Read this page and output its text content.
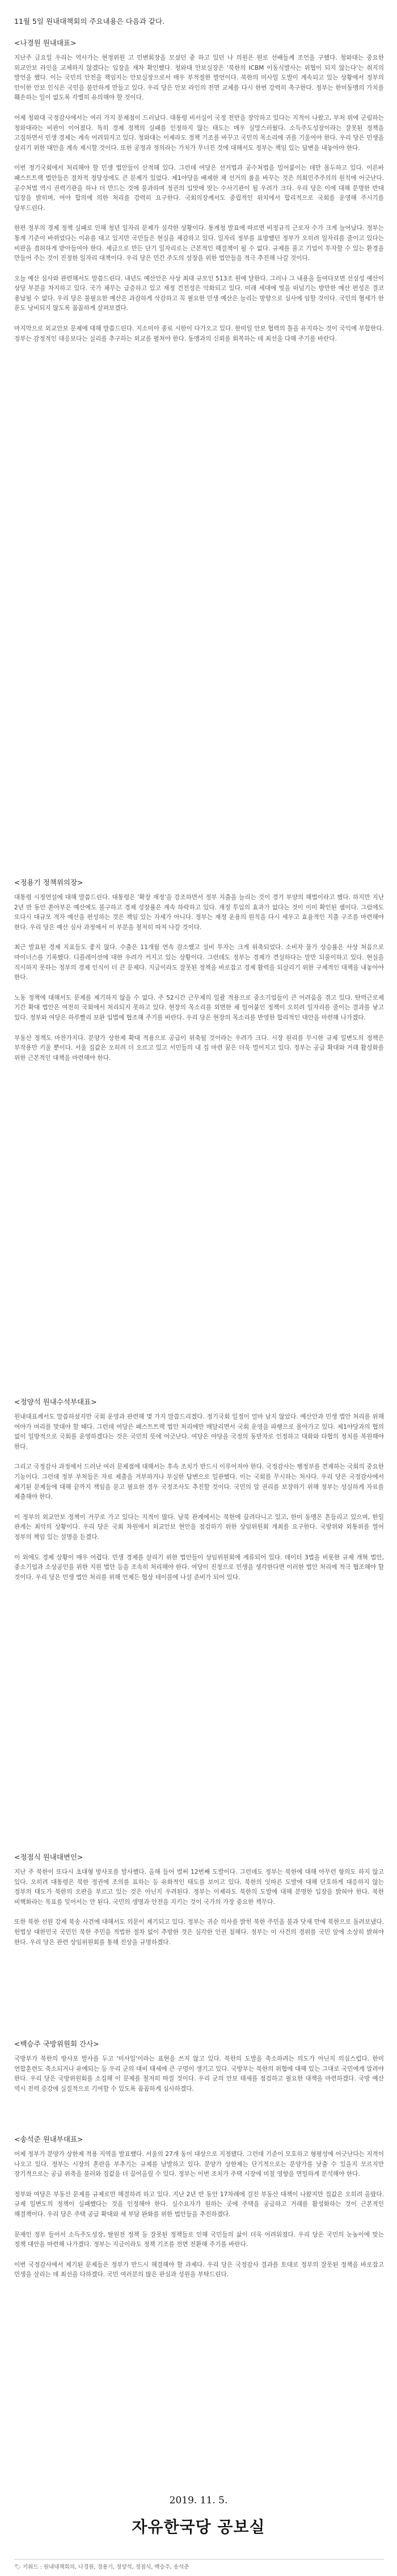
11월 5일 원내대책회의 주요내용은 다음과 같다.
<나경원 원내대표>

지난주 금요일 우리는 역사가는 현정위원 고 민변회장을 모셨던 중 하고 있던 나 의원은 원로 선배들께 조언을 구했다. 청와대는 중요한 외교안보 라인을 교체하지 않겠다는 입장을 재차 확인했다. 청와대 안보실장은 '북한의 ICBM 이동식발사는 위협이 되지 않는다'는 취지의 발언을 했다. 이는 국민의 안전을 책임지는 안보실장으로서 매우 부적절한 발언이다. 북한의 미사일 도발이 계속되고 있는 상황에서 정부의 안이한 안보 인식은 국민을 불안하게 만들고 있다. 우리 당은 안보 라인의 전면 교체를 다시 한번 강력히 촉구한다. 정부는 한미동맹의 가치를 훼손하는 일이 없도록 각별히 유의해야 할 것이다.

어제 청와대 국정감사에서는 여러 가지 문제점이 드러났다. 대통령 비서실이 국정 전반을 장악하고 있다는 지적이 나왔고, 부처 위에 군림하는 청와대라는 비판이 이어졌다. 특히 경제 정책의 실패를 인정하지 않는 태도는 매우 실망스러웠다. 소득주도성장이라는 잘못된 정책을 고집하면서 민생 경제는 계속 어려워지고 있다. 청와대는 이제라도 정책 기조를 바꾸고 국민의 목소리에 귀를 기울여야 한다. 우리 당은 민생을 살리기 위한 대안을 계속 제시할 것이다. 또한 공정과 정의라는 가치가 무너진 것에 대해서도 정부는 책임 있는 답변을 내놓아야 한다.

이번 정기국회에서 처리해야 할 민생 법안들이 산적해 있다. 그런데 여당은 선거법과 공수처법을 밀어붙이는 데만 몰두하고 있다. 이른바 패스트트랙 법안들은 절차적 정당성에도 큰 문제가 있었다. 제1야당을 배제한 채 선거의 룰을 바꾸는 것은 의회민주주의의 원칙에 어긋난다. 공수처법 역시 권력기관을 하나 더 만드는 것에 불과하며 정권의 입맛에 맞는 수사기관이 될 우려가 크다. 우리 당은 이에 대해 분명한 반대 입장을 밝히며, 여야 합의에 의한 처리를 강력히 요구한다. 국회의장께서도 중립적인 위치에서 합리적으로 국회를 운영해 주시기를 당부드린다.

한편 정부의 경제 정책 실패로 인해 청년 일자리 문제가 심각한 상황이다. 통계청 발표에 따르면 비정규직 근로자 수가 크게 늘어났다. 정부는 통계 기준이 바뀌었다는 이유를 대고 있지만 국민들은 현실을 체감하고 있다. 일자리 정부를 표방했던 정부가 오히려 일자리를 줄이고 있다는 비판을 겸허하게 받아들여야 한다. 세금으로 만든 단기 일자리로는 근본적인 해결책이 될 수 없다. 규제를 풀고 기업이 투자할 수 있는 환경을 만들어 주는 것이 진정한 일자리 대책이다. 우리 당은 민간 주도의 성장을 위한 법안들을 적극 추진해 나갈 것이다.

오늘 예산 심사와 관련해서도 말씀드린다. 내년도 예산안은 사상 최대 규모인 513조 원에 달한다. 그러나 그 내용을 들여다보면 선심성 예산이 상당 부분을 차지하고 있다. 국가 채무는 급증하고 있고 재정 건전성은 악화되고 있다. 미래 세대에 빚을 떠넘기는 방만한 예산 편성은 결코 용납될 수 없다. 우리 당은 불필요한 예산은 과감하게 삭감하고 꼭 필요한 민생 예산은 늘리는 방향으로 심사에 임할 것이다. 국민의 혈세가 한 푼도 낭비되지 않도록 꼼꼼하게 살펴보겠다.

마지막으로 외교안보 문제에 대해 말씀드린다. 지소미아 종료 시한이 다가오고 있다. 한미일 안보 협력의 틀을 유지하는 것이 국익에 부합한다. 정부는 감정적인 대응보다는 실리를 추구하는 외교를 펼쳐야 한다. 동맹과의 신뢰를 회복하는 데 최선을 다해 주기를 바란다.

<정용기 정책위의장>

대통령 시정연설에 대해 말씀드린다. 대통령은 '확장 재정'을 강조하면서 정부 지출을 늘리는 것이 경기 부양의 해법이라고 했다. 하지만 지난 2년 반 동안 쏟아부은 예산에도 불구하고 경제 성장률은 계속 하락하고 있다. 재정 투입의 효과가 없다는 것이 이미 확인된 셈이다. 그럼에도 또다시 대규모 적자 예산을 편성하는 것은 책임 있는 자세가 아니다. 정부는 재정 운용의 원칙을 다시 세우고 효율적인 지출 구조를 마련해야 한다. 우리 당은 예산 심사 과정에서 이 부분을 철저히 따져 나갈 것이다.

최근 발표된 경제 지표들도 좋지 않다. 수출은 11개월 연속 감소했고 설비 투자는 크게 위축되었다. 소비자 물가 상승률은 사상 처음으로 마이너스를 기록했다. 디플레이션에 대한 우려가 커지고 있는 상황이다. 그런데도 정부는 경제가 견실하다는 말만 되풀이하고 있다. 현실을 직시하지 못하는 정부의 경제 인식이 더 큰 문제다. 지금이라도 잘못된 정책을 바로잡고 경제 활력을 되살리기 위한 구체적인 대책을 내놓아야 한다.

노동 정책에 대해서도 문제를 제기하지 않을 수 없다. 주 52시간 근무제의 일괄 적용으로 중소기업들이 큰 어려움을 겪고 있다. 탄력근로제 기간 확대 법안은 여전히 국회에서 처리되지 못하고 있다. 현장의 목소리를 외면한 채 밀어붙인 정책이 오히려 일자리를 줄이는 결과를 낳고 있다. 정부와 여당은 하루빨리 보완 입법에 협조해 주기를 바란다. 우리 당은 현장의 목소리를 반영한 합리적인 대안을 마련해 나가겠다.

부동산 정책도 마찬가지다. 분양가 상한제 확대 적용으로 공급이 위축될 것이라는 우려가 크다. 시장 원리를 무시한 규제 일변도의 정책은 부작용만 키울 뿐이다. 서울 집값은 오히려 더 오르고 있고 서민들의 내 집 마련 꿈은 더욱 멀어지고 있다. 정부는 공급 확대와 거래 활성화를 위한 근본적인 대책을 마련해야 한다.

<정양석 원내수석부대표>

원내대표께서도 말씀하셨지만 국회 운영과 관련해 몇 가지 말씀드리겠다. 정기국회 일정이 얼마 남지 않았다. 예산안과 민생 법안 처리를 위해 여야가 머리를 맞대야 할 때다. 그런데 여당은 패스트트랙 법안 처리에만 매달리면서 국회 운영을 파행으로 몰아가고 있다. 제1야당과의 협의 없이 일방적으로 국회를 운영하겠다는 것은 국민의 뜻에 어긋난다. 여당은 야당을 국정의 동반자로 인정하고 대화와 타협의 정치를 복원해야 한다.

그리고 국정감사 과정에서 드러난 여러 문제점에 대해서는 후속 조치가 반드시 이루어져야 한다. 국정감사는 행정부를 견제하는 국회의 중요한 기능이다. 그런데 정부 부처들은 자료 제출을 거부하거나 부실한 답변으로 일관했다. 이는 국회를 무시하는 처사다. 우리 당은 국정감사에서 제기된 문제들에 대해 끝까지 책임을 묻고 필요한 경우 국정조사도 추진할 것이다. 국민의 알 권리를 보장하기 위해 정부는 성실하게 자료를 제출해야 한다.

이 정부의 외교안보 정책이 거꾸로 가고 있다는 지적이 많다. 남북 관계에서는 북한에 끌려다니고 있고, 한미 동맹은 흔들리고 있으며, 한일 관계는 최악의 상황이다. 우리 당은 국회 차원에서 외교안보 현안을 점검하기 위한 상임위원회 개최를 요구한다. 국방위와 외통위를 열어 정부의 책임 있는 설명을 듣겠다.

이 외에도 경제 상황이 매우 어렵다. 민생 경제를 살리기 위한 법안들이 상임위원회에 계류되어 있다. 데이터 3법을 비롯한 규제 개혁 법안, 중소기업과 소상공인을 위한 지원 법안 등을 조속히 처리해야 한다. 여당이 진정으로 민생을 생각한다면 이러한 법안 처리에 적극 협조해야 할 것이다. 우리 당은 민생 법안 처리를 위해 언제든 협상 테이블에 나설 준비가 되어 있다.

<정점식 원내대변인>

지난 주 북한이 또다시 초대형 방사포를 발사했다. 올해 들어 벌써 12번째 도발이다. 그런데도 정부는 북한에 대해 아무런 항의도 하지 않고 있다. 오히려 대통령은 북한 정권에 조의를 표하는 등 유화적인 태도를 보이고 있다. 북한의 잇따른 도발에 대해 단호하게 대응하지 않는 정부의 태도가 북한의 오판을 부르고 있는 것은 아닌지 우려된다. 정부는 이제라도 북한의 도발에 대해 분명한 입장을 밝혀야 한다. 북한 비핵화라는 목표를 잊어서는 안 된다. 국민의 생명과 안전을 지키는 것이 국가의 가장 중요한 책무다.

또한 북한 선원 강제 북송 사건에 대해서도 의문이 제기되고 있다. 정부는 귀순 의사를 밝힌 북한 주민을 불과 닷새 만에 북한으로 돌려보냈다. 헌법상 대한민국 국민인 북한 주민을 적법한 절차 없이 추방한 것은 심각한 인권 침해다. 정부는 이 사건의 경위를 국민 앞에 소상히 밝혀야 한다. 우리 당은 관련 상임위원회를 통해 진상을 규명하겠다.

<백승주 국방위원회 간사>

국방부가 북한의 방사포 발사를 두고 '미사일'이라는 표현을 쓰지 않고 있다. 북한의 도발을 축소하려는 의도가 아닌지 의심스럽다. 한미 연합훈련도 축소되거나 유예되는 등 우리 군의 대비 태세에 큰 구멍이 생기고 있다. 국방부는 북한의 위협에 대해 있는 그대로 국민에게 알려야 한다. 우리 당은 국방위원회를 소집해 이 문제를 철저히 따질 것이다. 우리 군의 안보 태세를 점검하고 필요한 대책을 마련하겠다. 국방 예산 역시 전력 증강에 실질적으로 기여할 수 있도록 꼼꼼하게 심사하겠다.

<송석준 원내부대표>

어제 정부가 분양가 상한제 적용 지역을 발표했다. 서울의 27개 동이 대상으로 지정됐다. 그런데 기준이 모호하고 형평성에 어긋난다는 지적이 나오고 있다. 정부는 시장의 혼란을 부추기는 규제를 남발하고 있다. 분양가 상한제는 단기적으로는 분양가를 낮출 수 있을지 모르지만 장기적으로는 공급 위축을 불러와 집값을 더 끌어올릴 수 있다. 정부는 이번 조치가 주택 시장에 미칠 영향을 면밀하게 분석해야 한다.

정부와 여당은 부동산 문제를 규제로만 해결하려 하고 있다. 지난 2년 반 동안 17차례에 걸친 부동산 대책이 나왔지만 집값은 오히려 올랐다. 규제 일변도의 정책이 실패했다는 것을 인정해야 한다. 실수요자가 원하는 곳에 주택을 공급하고 거래를 활성화하는 것이 근본적인 해결책이다. 우리 당은 주택 공급 확대와 세 부담 완화를 위한 법안들을 추진하겠다.

문재인 정부 들어서 소득주도성장, 탈원전 정책 등 잘못된 정책들로 인해 국민들의 삶이 더욱 어려워졌다. 우리 당은 국민의 눈높이에 맞는 정책 대안을 마련해 나가겠다. 정부는 지금이라도 정책 기조를 전면 전환해 주기를 바란다.

이번 국정감사에서 제기된 문제들은 정부가 반드시 해결해야 할 과제다. 우리 당은 국정감사 결과를 토대로 정부의 잘못된 정책을 바로잡고 민생을 살리는 데 최선을 다하겠다. 국민 여러분의 많은 관심과 성원을 부탁드린다.

2019. 11. 5.
자유한국당 공보실
🏷 키워드 : 원내대책회의, 나경원, 정용기, 정양석, 정점식, 백승주, 송석준
